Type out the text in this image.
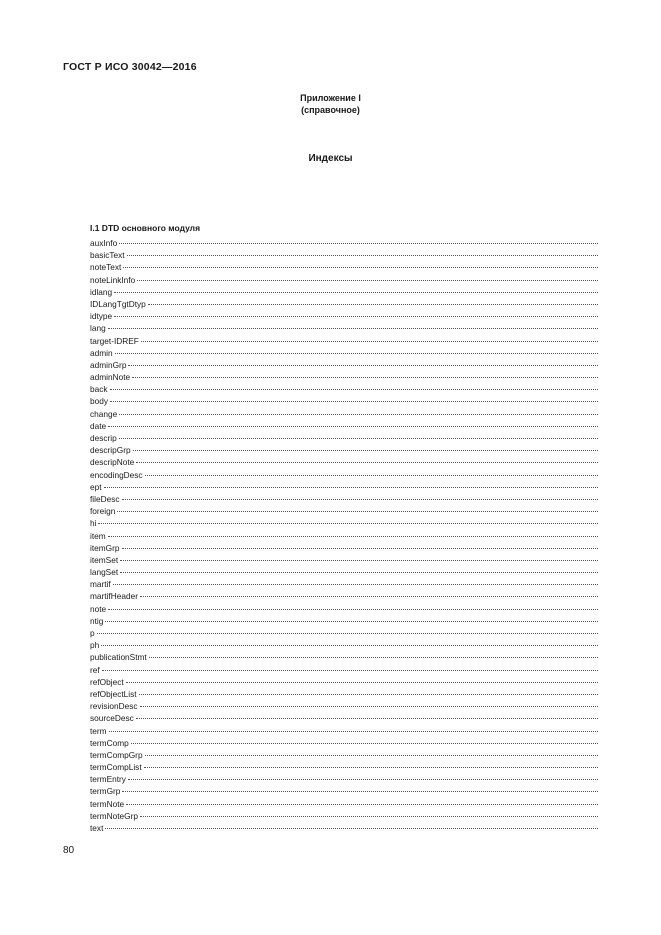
ГОСТ Р ИСО 30042—2016
Приложение I
(справочное)
Индексы
I.1 DTD основного модуля
auxInfo
basicText
noteText
noteLinkInfo
idlang
IDLangTgtDtyp
idtype
lang
target-IDREF
admin
adminGrp
adminNote
back
body
change
date
descrip
descripGrp
descripNote
encodingDesc
ept
fileDesc
foreign
hi
item
itemGrp
itemSet
langSet
martif
martifHeader
note
ntig
p
ph
publicationStmt
ref
refObject
refObjectList
revisionDesc
sourceDesc
term
termComp
termCompGrp
termCompList
termEntry
termGrp
termNote
termNoteGrp
text
80
